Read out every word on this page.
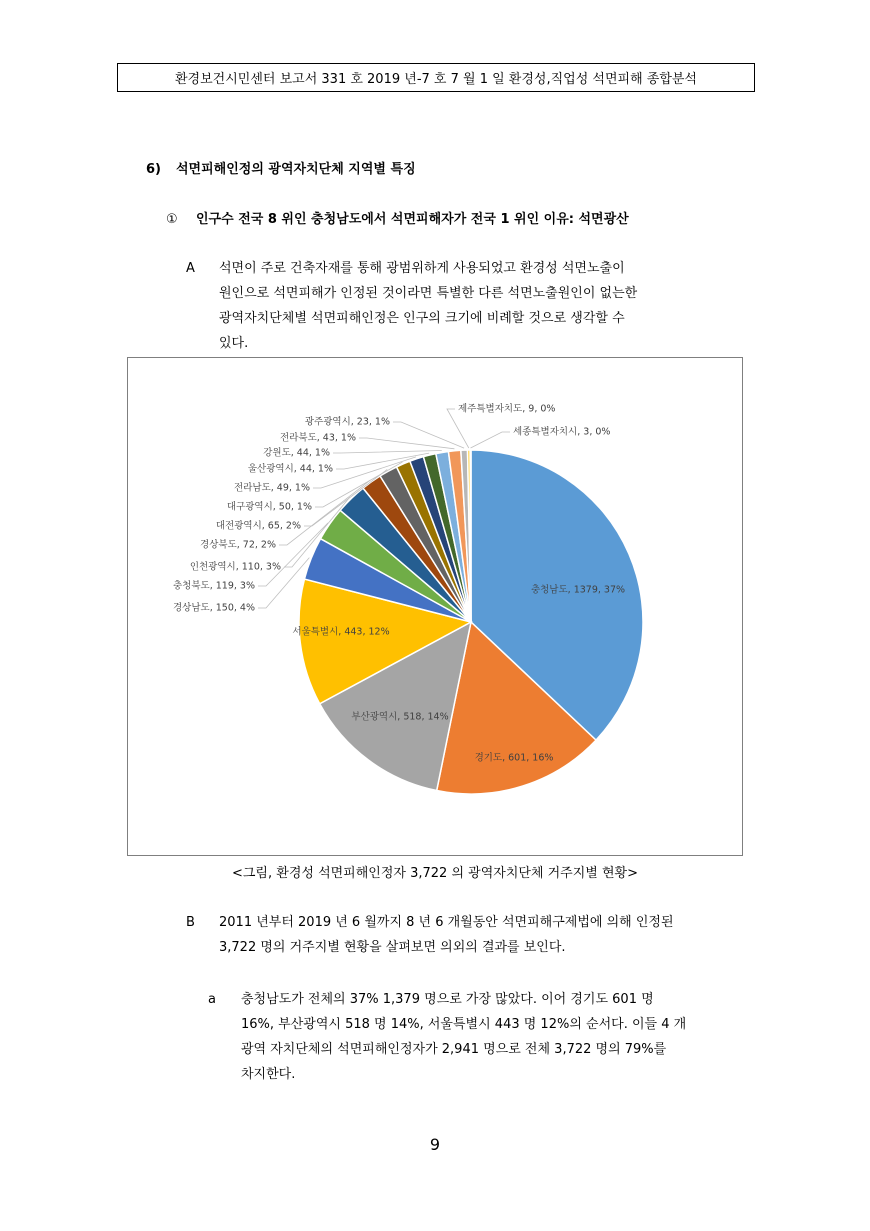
환경보건시민센터 보고서 331 호 2019 년-7 호 7 월 1 일 환경성,직업성 석면피해 종합분석
6) 석면피해인정의 광역자치단체 지역별 특징
① 인구수 전국 8 위인 충청남도에서 석면피해자가 전국 1 위인 이유: 석면광산
A 석면이 주로 건축자재를 통해 광범위하게 사용되었고 환경성 석면노출이
원인으로 석면피해가 인정된 것이라면 특별한 다른 석면노출원인이 없는한
광역자치단체별 석면피해인정은 인구의 크기에 비례할 것으로 생각할 수
있다.
충청남도, 1379, 37%
경기도, 601, 16%
부산광역시, 518, 14%
서울특별시, 443, 12%
경상남도, 150, 4%
충청북도, 119, 3%
인천광역시, 110, 3%
경상북도, 72, 2%
대전광역시, 65, 2%
대구광역시, 50, 1%
전라남도, 49, 1%
울산광역시, 44, 1%
강원도, 44, 1%
전라북도, 43, 1%
광주광역시, 23, 1%
제주특별자치도, 9, 0%
세종특별자치시, 3, 0%
<그림, 환경성 석면피해인정자 3,722 의 광역자치단체 거주지별 현황>
B 2011 년부터 2019 년 6 월까지 8 년 6 개월동안 석면피해구제법에 의해 인정된
3,722 명의 거주지별 현황을 살펴보면 의외의 결과를 보인다.
a 충청남도가 전체의 37% 1,379 명으로 가장 많았다. 이어 경기도 601 명
16%, 부산광역시 518 명 14%, 서울특별시 443 명 12%의 순서다. 이들 4 개
광역 자치단체의 석면피해인정자가 2,941 명으로 전체 3,722 명의 79%를
차지한다.
9
